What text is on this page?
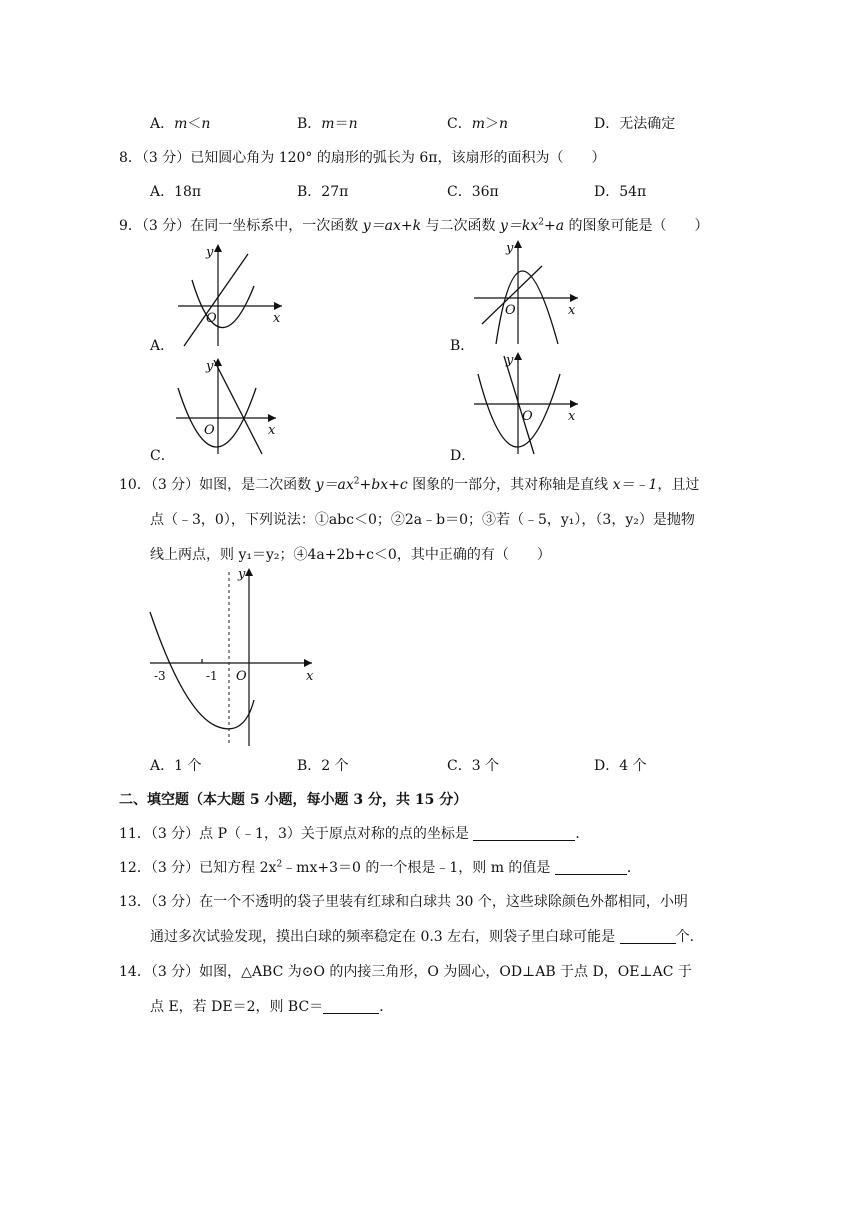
A．m＜n	B．m＝n	C．m＞n	D．无法确定
8．（3 分）已知圆心角为 120° 的扇形的弧长为 6π，该扇形的面积为（　　）
A．18π	B．27π	C．36π	D．54π
9．（3 分）在同一坐标系中，一次函数 y＝ax+k 与二次函数 $y=kx^2+a$ 的图象可能是（　　）
y
x
O
A．
y
x
O
B．
y
x
O
C．
y
x
O
D．
10．（3 分）如图，是二次函数 $y=ax^2+bx+c$ 图象的一部分，其对称轴是直线 x＝﹣1，且过
点（﹣3，0），下列说法：①abc＜0；②2a﹣b＝0；③若（﹣5，y₁），（3，y₂）是抛物
线上两点，则 y₁＝y₂；④4a+2b+c＜0，其中正确的有（　　）
y
x
O
-3	-1
A．1 个	B．2 个	C．3 个	D．4 个
二、填空题（本大题 5 小题，每小题 3 分，共 15 分）
11．（3 分）点 P（﹣1，3）关于原点对称的点的坐标是	．
12．（3 分）已知方程 $2x^2﹣mx+3=0$ 的一个根是﹣1，则 m 的值是	．
13．（3 分）在一个不透明的袋子里装有红球和白球共 30 个，这些球除颜色外都相同，小明
通过多次试验发现，摸出白球的频率稳定在 0.3 左右，则袋子里白球可能是	个．
14．（3 分）如图，△ABC 为⊙O 的内接三角形，O 为圆心，OD⊥AB 于点 D，OE⊥AC 于
点 E，若 DE＝2，则 BC＝	．
